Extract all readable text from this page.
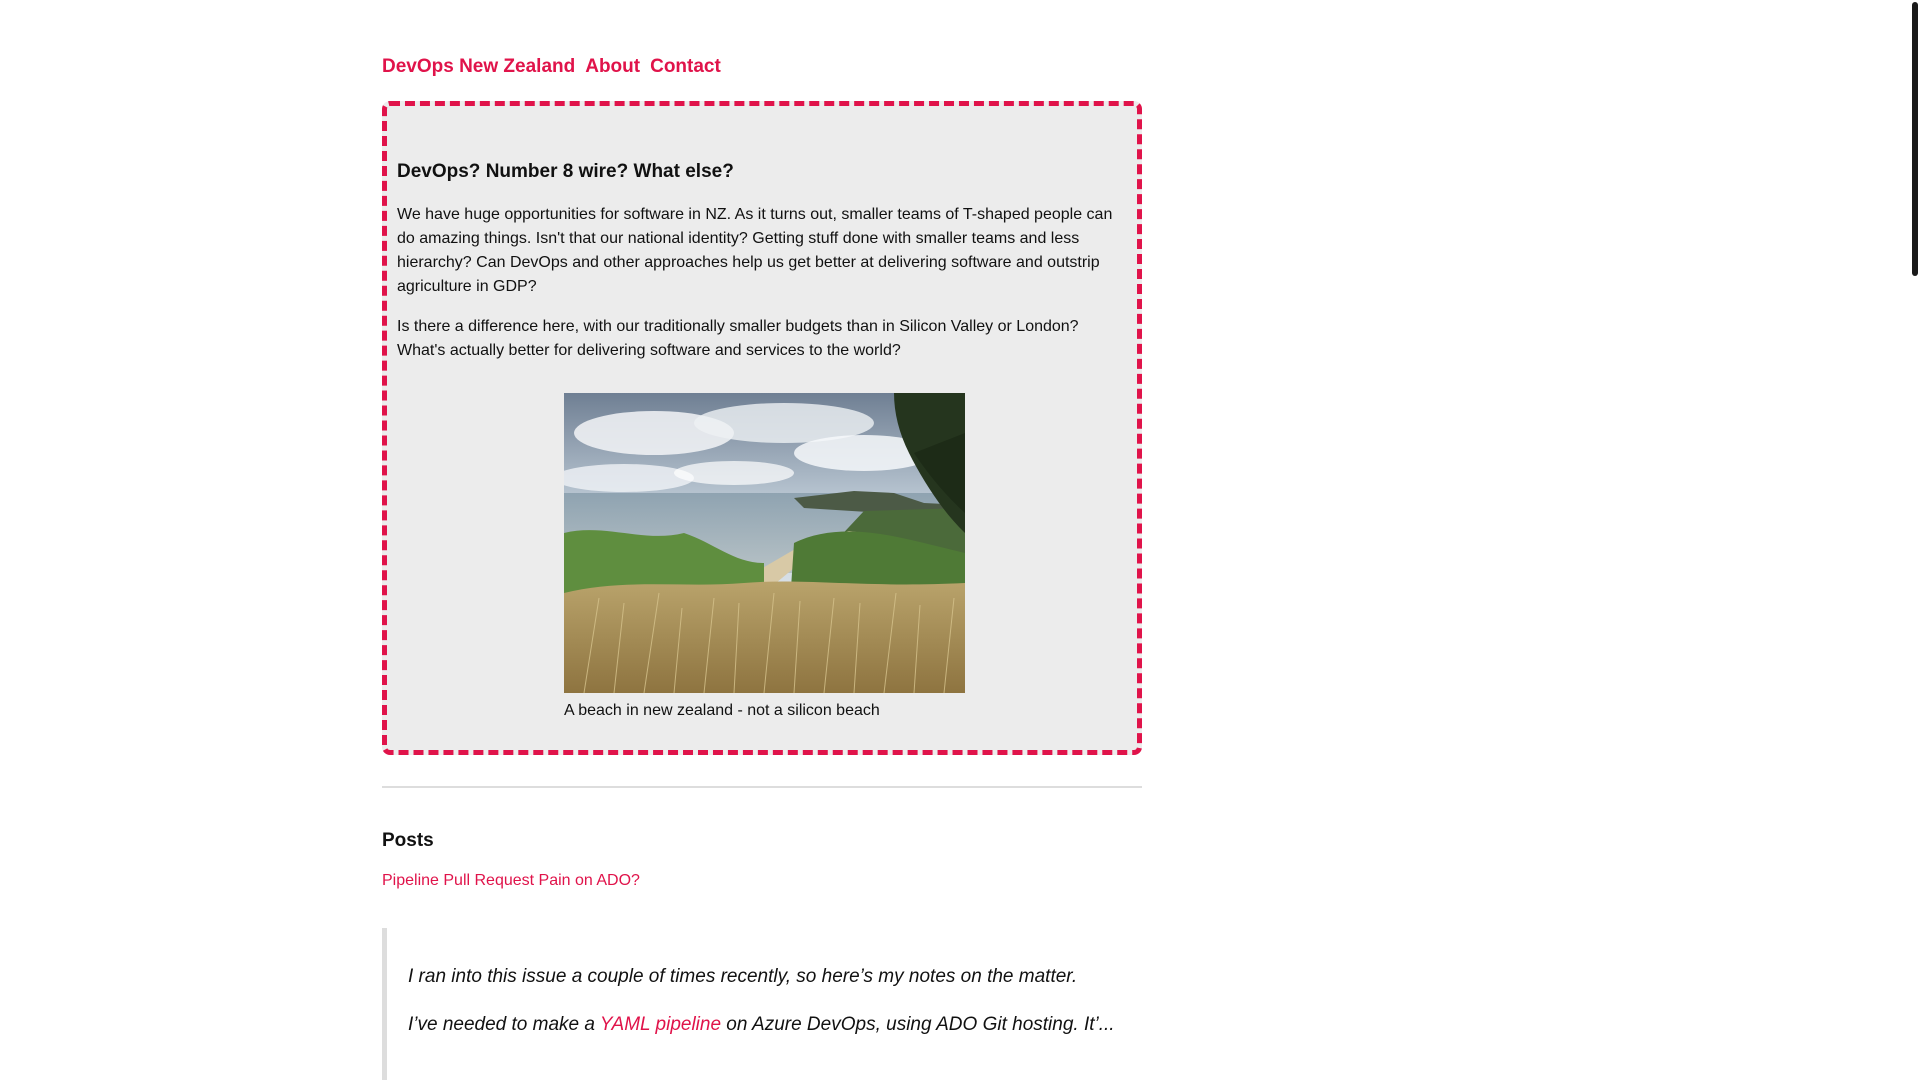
DevOps New Zealand About Contact
DevOps? Number 8 wire? What else?

We have huge opportunities for software in NZ. As it turns out, smaller teams of T-shaped people can do amazing things. Isn't that our national identity? Getting stuff done with smaller teams and less hierarchy? Can DevOps and other approaches help us get better at delivering software and outstrip agriculture in GDP?

Is there a difference here, with our traditionally smaller budgets than in Silicon Valley or London? What's actually better for delivering software and services to the world?

A beach in new zealand - not a silicon beach
Posts
Pipeline Pull Request Pain on ADO?

I ran into this issue a couple of times recently, so here’s my notes on the matter.

I’ve needed to make a YAML pipeline on Azure DevOps, using ADO Git hosting. It’...
